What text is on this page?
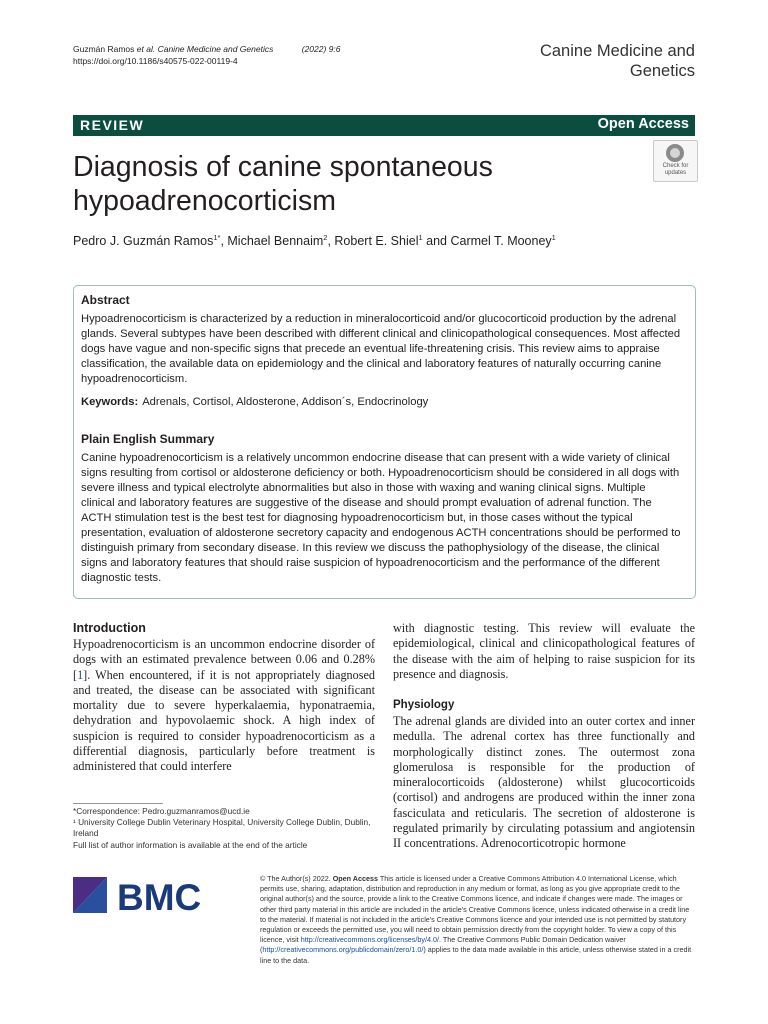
Guzmán Ramos et al. Canine Medicine and Genetics	(2022) 9:6
https://doi.org/10.1186/s40575-022-00119-4
Canine Medicine and
Genetics
REVIEW	Open Access
Diagnosis of canine spontaneous
hypoadrenocorticism
Check for
updates
Pedro J. Guzmán Ramos$^{1*}$, Michael Bennaim$^2$, Robert E. Shiel$^1$ and Carmel T. Mooney$^1$
Abstract
Hypoadrenocorticism is characterized by a reduction in mineralocorticoid and/or glucocorticoid production by the adrenal glands. Several subtypes have been described with different clinical and clinicopathological consequences. Most affected dogs have vague and non-specific signs that precede an eventual life-threatening crisis. This review aims to appraise classification, the available data on epidemiology and the clinical and laboratory features of naturally occurring canine hypoadrenocorticism.
Keywords: Adrenals, Cortisol, Aldosterone, Addison´s, Endocrinology
Plain English Summary
Canine hypoadrenocorticism is a relatively uncommon endocrine disease that can present with a wide variety of clinical signs resulting from cortisol or aldosterone deficiency or both. Hypoadrenocorticism should be considered in all dogs with severe illness and typical electrolyte abnormalities but also in those with waxing and waning clinical signs. Multiple clinical and laboratory features are suggestive of the disease and should prompt evaluation of adrenal function. The ACTH stimulation test is the best test for diagnosing hypoadrenocorticism but, in those cases without the typical presentation, evaluation of aldosterone secretory capacity and endogenous ACTH concentrations should be performed to distinguish primary from secondary disease. In this review we discuss the pathophysiology of the disease, the clinical signs and laboratory features that should raise suspicion of hypoadrenocorticism and the performance of the different diagnostic tests.
Introduction
Hypoadrenocorticism is an uncommon endocrine disorder of dogs with an estimated prevalence between 0.06 and 0.28% [1]. When encountered, if it is not appropriately diagnosed and treated, the disease can be associated with significant mortality due to severe hyperkalaemia, hyponatraemia, dehydration and hypovolaemic shock. A high index of suspicion is required to consider hypoadrenocorticism as a differential diagnosis, particularly before treatment is administered that could interfere
with diagnostic testing. This review will evaluate the epidemiological, clinical and clinicopathological features of the disease with the aim of helping to raise suspicion for its presence and diagnosis.
Physiology
The adrenal glands are divided into an outer cortex and inner medulla. The adrenal cortex has three functionally and morphologically distinct zones. The outermost zona glomerulosa is responsible for the production of mineralocorticoids (aldosterone) whilst glucocorticoids (cortisol) and androgens are produced within the inner zona fasciculata and reticularis. The secretion of aldosterone is regulated primarily by circulating potassium and angiotensin II concentrations. Adrenocorticotropic hormone
*Correspondence: Pedro.guzmanramos@ucd.ie
¹ University College Dublin Veterinary Hospital, University College Dublin, Dublin, Ireland
Full list of author information is available at the end of the article
BMC	© The Author(s) 2022. Open Access This article is licensed under a Creative Commons Attribution 4.0 International License, which permits use, sharing, adaptation, distribution and reproduction in any medium or format, as long as you give appropriate credit to the original author(s) and the source, provide a link to the Creative Commons licence, and indicate if changes were made. The images or other third party material in this article are included in the article's Creative Commons licence, unless indicated otherwise in a credit line to the material. If material is not included in the article's Creative Commons licence and your intended use is not permitted by statutory regulation or exceeds the permitted use, you will need to obtain permission directly from the copyright holder. To view a copy of this licence, visit http://creativecommons.org/licenses/by/4.0/. The Creative Commons Public Domain Dedication waiver (http://creativecommons.org/publicdomain/zero/1.0/) applies to the data made available in this article, unless otherwise stated in a credit line to the data.
